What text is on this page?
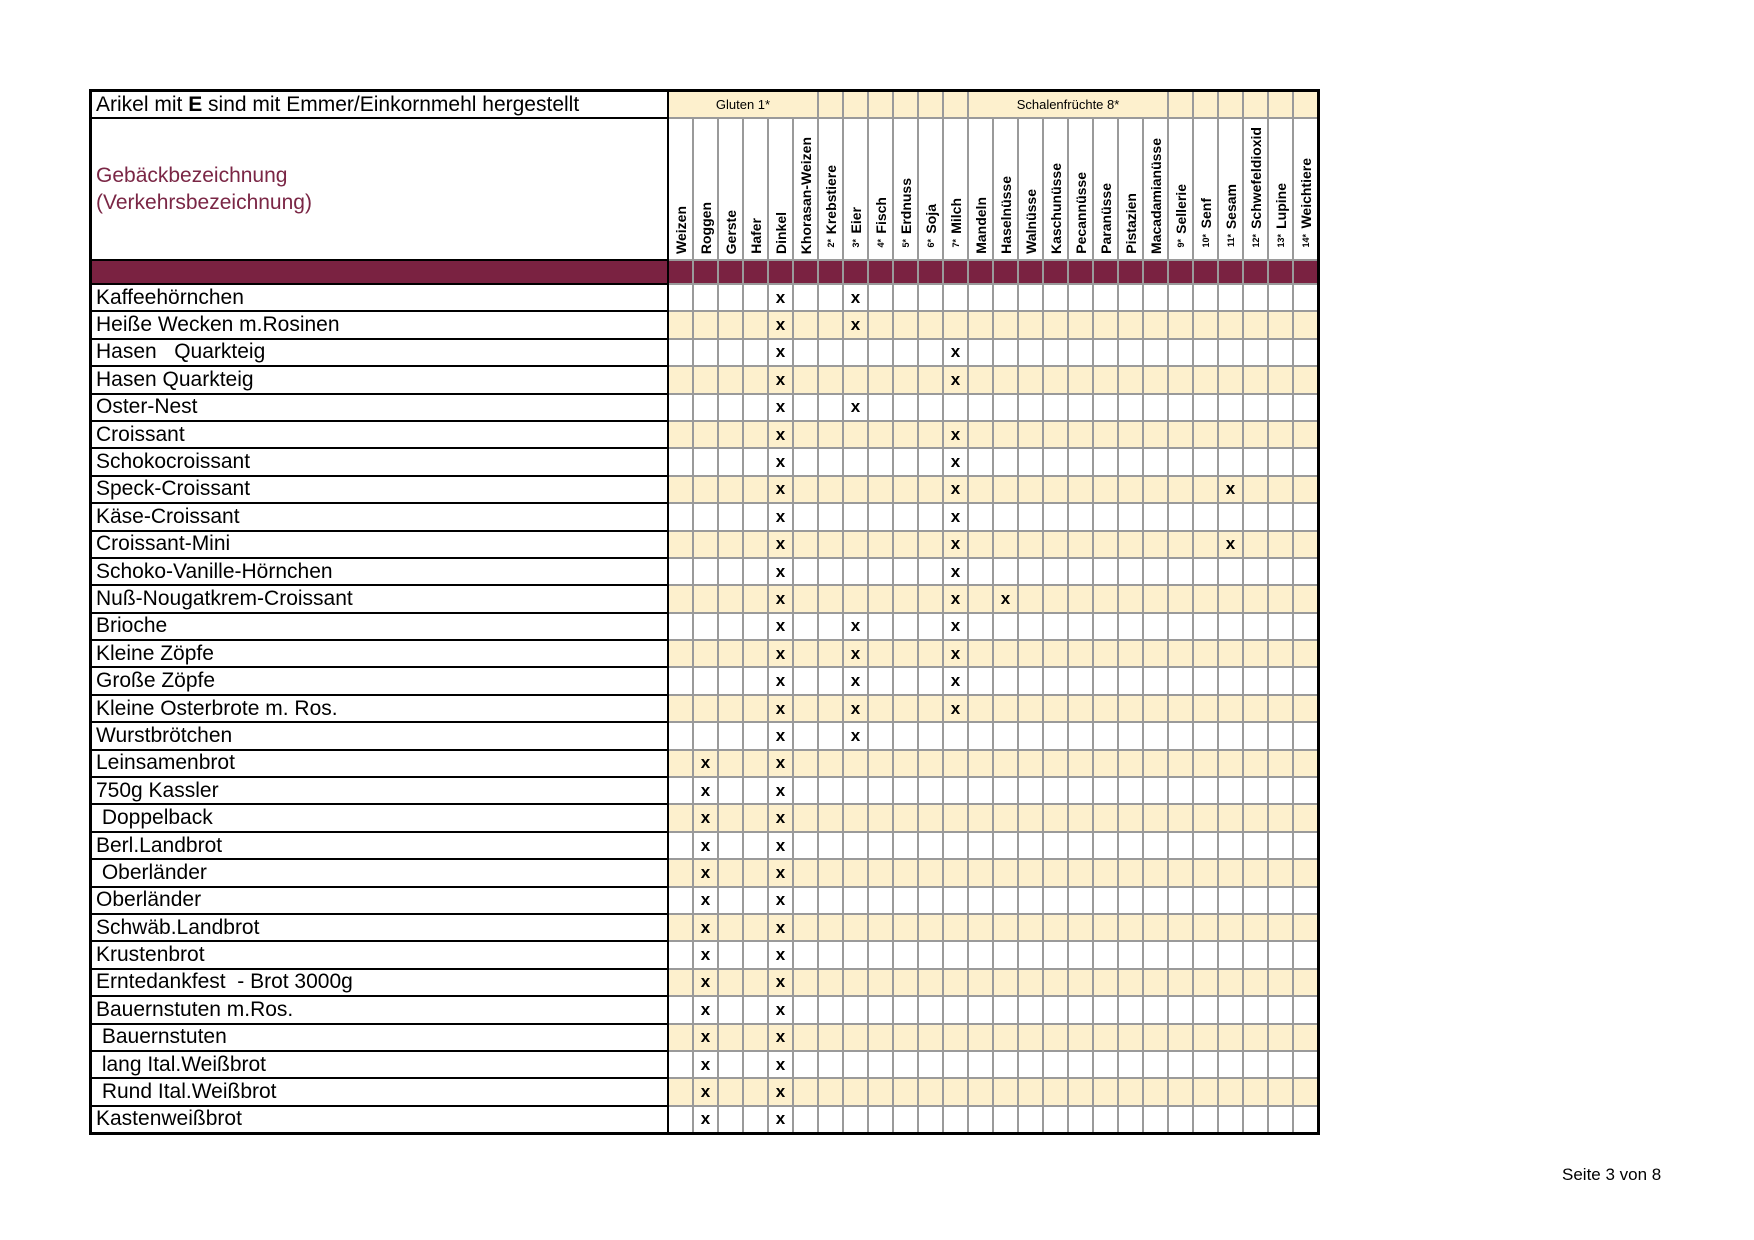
Arikel mit E sind mit Emmer/Einkornmehl hergestellt	Gluten 1*												Schalenfrüchte 8*													
Gebäckbezeichnung
(Verkehrsbezeichnung)	Weizen	Roggen	Gerste	Hafer	Dinkel	Khorasan-Weizen	Krebstiere$^{2*}$	Eier$^{3*}$	Fisch$^{4*}$	Erdnuss$^{5*}$	Soja$^{6*}$	Milch$^{7*}$	Mandeln	Haselnüsse	Walnüsse	Kaschunüsse	Pecannüsse	Paranüsse	Pistazien	Macadamianüsse	Sellerie$^{9*}$	Senf$^{10*}$	Sesam$^{11*}$	Schwefeldioxid$^{12*}$	Lupine$^{13*}$	Weichtiere$^{14*}$

Kaffeehörnchen					x			x																		
Heiße Wecken m.Rosinen					x			x																		
Hasen   Quarkteig					x							x														
Hasen Quarkteig					x							x														
Oster-Nest					x			x																		
Croissant					x							x														
Schokocroissant					x							x														
Speck-Croissant					x							x											x			
Käse-Croissant					x							x														
Croissant-Mini					x							x											x			
Schoko-Vanille-Hörnchen					x							x														
Nuß-Nougatkrem-Croissant					x							x		x												
Brioche					x			x				x														
Kleine Zöpfe					x			x				x														
Große Zöpfe					x			x				x														
Kleine Osterbrote m. Ros.					x			x				x														
Wurstbrötchen					x			x																		
Leinsamenbrot		x			x																					
750g Kassler		x			x																					
Doppelback		x			x																					
Berl.Landbrot		x			x																					
Oberländer		x			x																					
Oberländer		x			x																					
Schwäb.Landbrot		x			x																					
Krustenbrot		x			x																					
Erntedankfest  - Brot 3000g		x			x																					
Bauernstuten m.Ros.		x			x																					
Bauernstuten		x			x																					
lang Ital.Weißbrot		x			x																					
Rund Ital.Weißbrot		x			x																					
Kastenweißbrot		x			x																					
Seite 3 von 8
